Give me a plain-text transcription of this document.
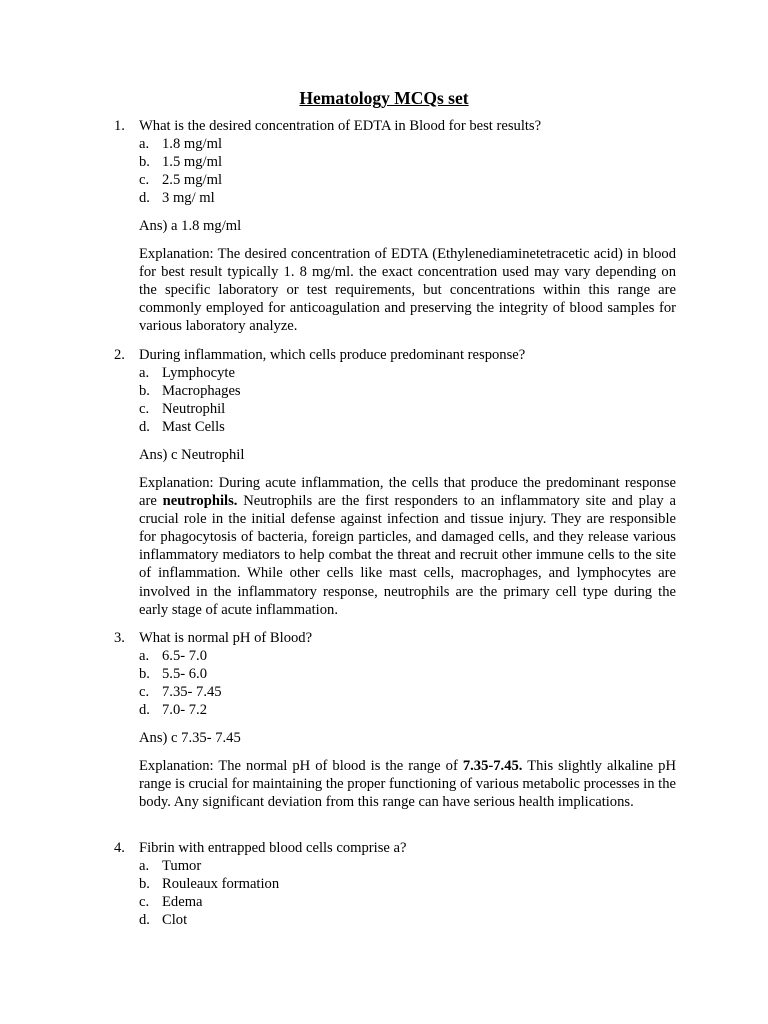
Hematology MCQs set
1. What is the desired concentration of EDTA in Blood for best results?
a. 1.8 mg/ml
b. 1.5 mg/ml
c. 2.5 mg/ml
d. 3 mg/ ml
Ans) a 1.8 mg/ml
Explanation: The desired concentration of EDTA (Ethylenediaminetetracetic acid) in blood for best result typically 1. 8 mg/ml. the exact concentration used may vary depending on the specific laboratory or test requirements, but concentrations within this range are commonly employed for anticoagulation and preserving the integrity of blood samples for various laboratory analyze.
2. During inflammation, which cells produce predominant response?
a. Lymphocyte
b. Macrophages
c. Neutrophil
d. Mast Cells
Ans) c Neutrophil
Explanation: During acute inflammation, the cells that produce the predominant response are neutrophils. Neutrophils are the first responders to an inflammatory site and play a crucial role in the initial defense against infection and tissue injury. They are responsible for phagocytosis of bacteria, foreign particles, and damaged cells, and they release various inflammatory mediators to help combat the threat and recruit other immune cells to the site of inflammation. While other cells like mast cells, macrophages, and lymphocytes are involved in the inflammatory response, neutrophils are the primary cell type during the early stage of acute inflammation.
3. What is normal pH of Blood?
a. 6.5- 7.0
b. 5.5- 6.0
c. 7.35- 7.45
d. 7.0- 7.2
Ans) c 7.35- 7.45
Explanation: The normal pH of blood is the range of 7.35-7.45. This slightly alkaline pH range is crucial for maintaining the proper functioning of various metabolic processes in the body. Any significant deviation from this range can have serious health implications.
4. Fibrin with entrapped blood cells comprise a?
a. Tumor
b. Rouleaux formation
c. Edema
d. Clot
